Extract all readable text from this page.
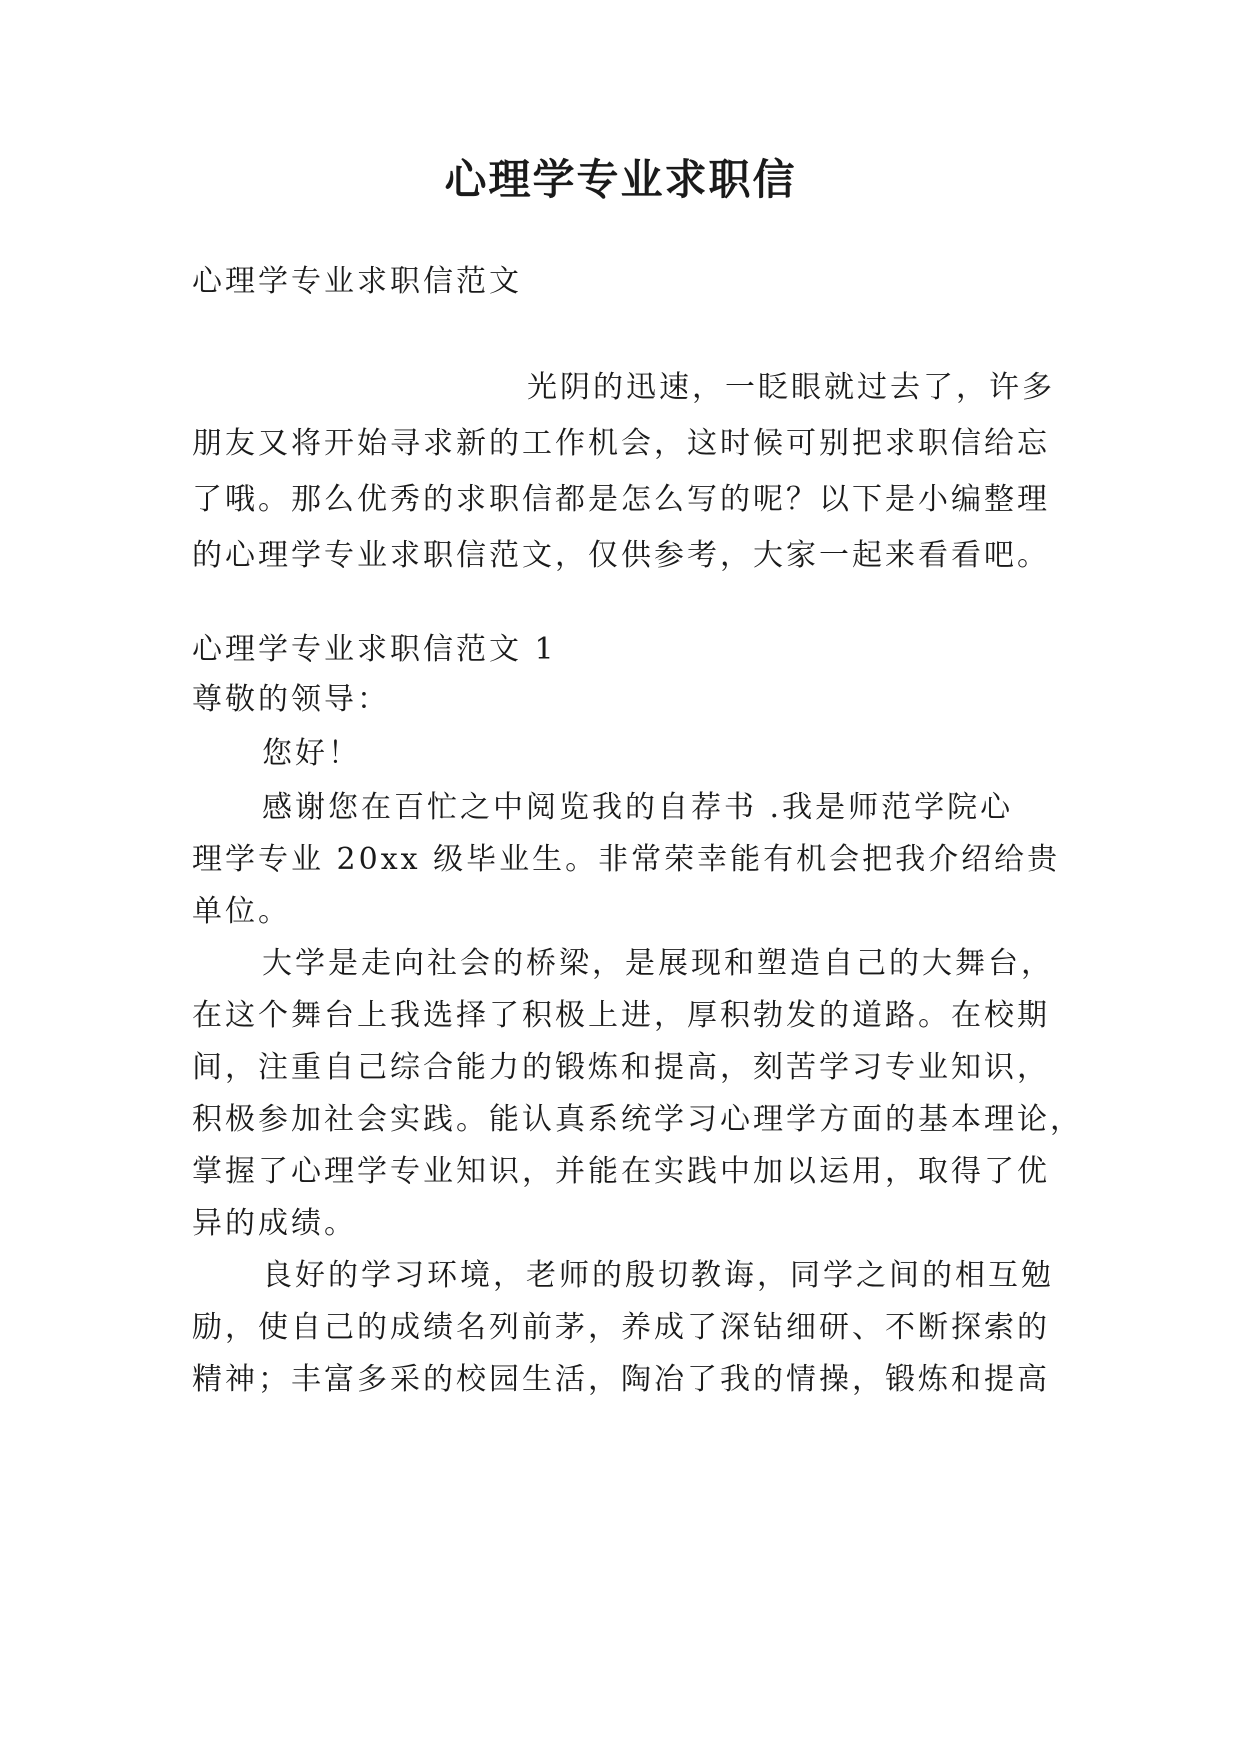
心理学专业求职信
心理学专业求职信范文
光阴的迅速，一眨眼就过去了，许多
朋友又将开始寻求新的工作机会，这时候可别把求职信给忘
了哦。那么优秀的求职信都是怎么写的呢？以下是小编整理
的心理学专业求职信范文，仅供参考，大家一起来看看吧。
心理学专业求职信范文 1
尊敬的领导：
您好！
感谢您在百忙之中阅览我的自荐书 .我是师范学院心
理学专业 20xx 级毕业生。非常荣幸能有机会把我介绍给贵
单位。
大学是走向社会的桥梁，是展现和塑造自己的大舞台，
在这个舞台上我选择了积极上进，厚积勃发的道路。在校期
间，注重自己综合能力的锻炼和提高，刻苦学习专业知识，
积极参加社会实践。能认真系统学习心理学方面的基本理论，
掌握了心理学专业知识，并能在实践中加以运用，取得了优
异的成绩。
良好的学习环境，老师的殷切教诲，同学之间的相互勉
励，使自己的成绩名列前茅，养成了深钻细研、不断探索的
精神；丰富多采的校园生活，陶冶了我的情操，锻炼和提高
